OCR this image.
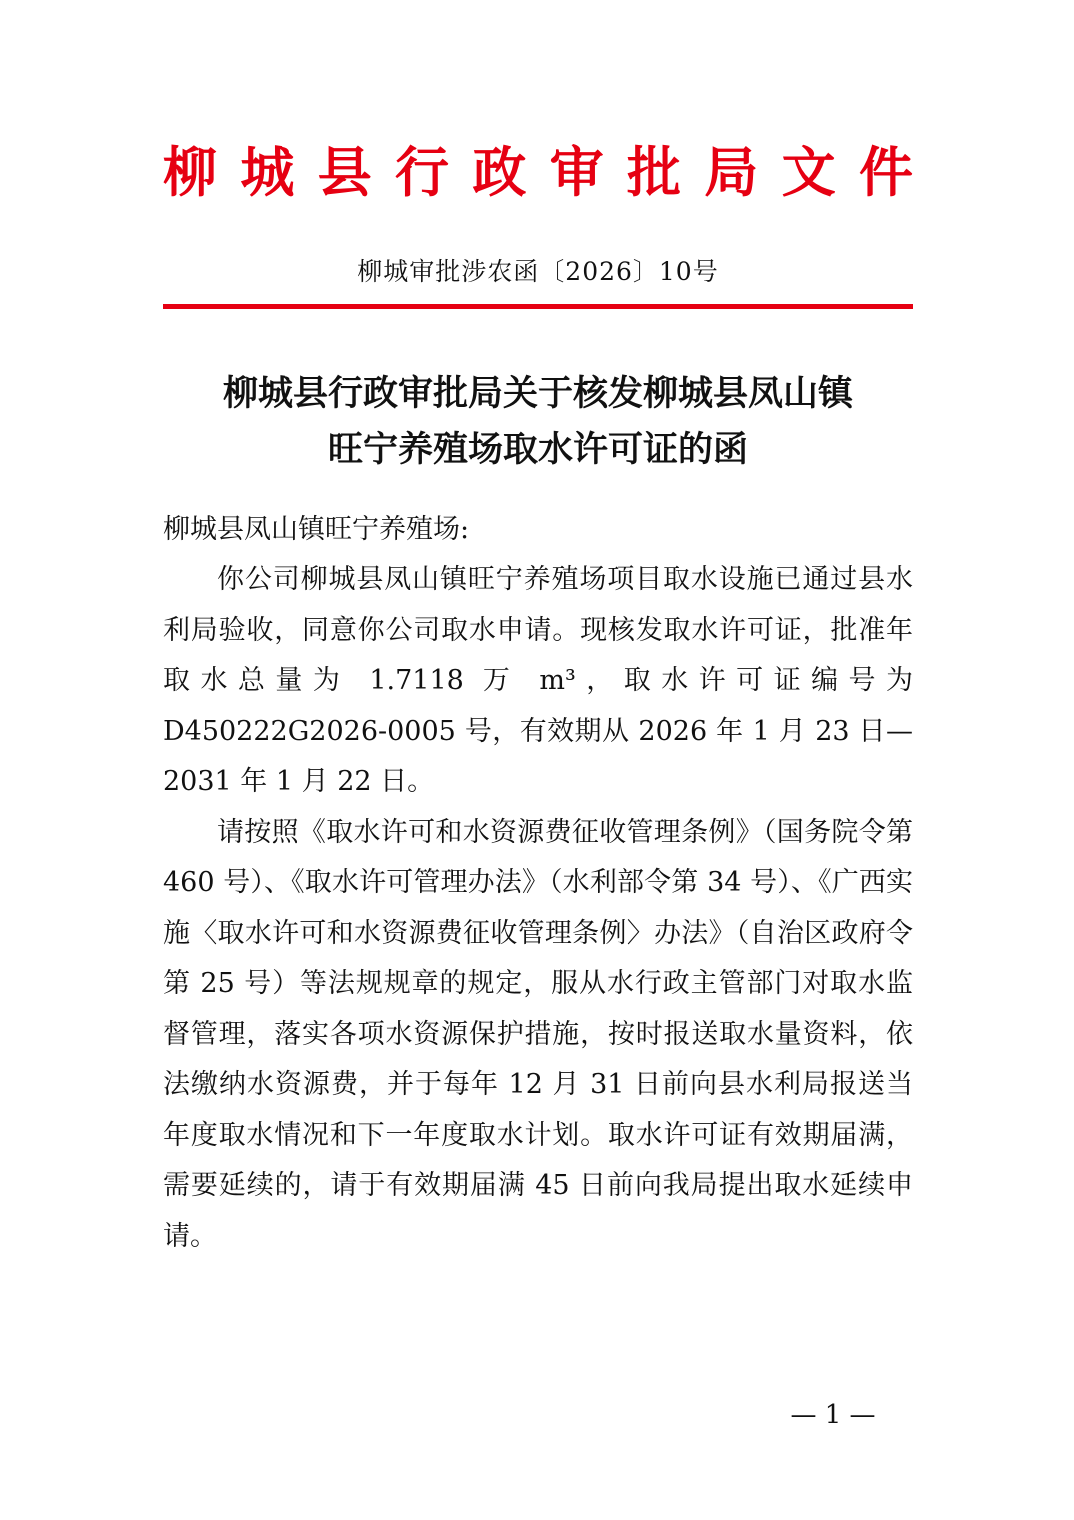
柳 城 县 行 政 审 批 局 文 件
柳城审批涉农函〔2026〕10号
柳城县行政审批局关于核发柳城县凤山镇
旺宁养殖场取水许可证的函
柳城县凤山镇旺宁养殖场:

你公司柳城县凤山镇旺宁养殖场项目取水设施已通过县水利局验收，同意你公司取水申请。现核发取水许可证，批准年取水总量为 1.7118 万 m³，取水许可证编号为D450222G2026-0005 号，有效期从 2026 年 1 月 23 日—2031 年 1 月 22 日。

请按照《取水许可和水资源费征收管理条例》（国务院令第 460 号）、《取水许可管理办法》（水利部令第 34 号）、《广西实施〈取水许可和水资源费征收管理条例〉办法》（自治区政府令第 25 号）等法规规章的规定，服从水行政主管部门对取水监督管理，落实各项水资源保护措施，按时报送取水量资料，依法缴纳水资源费，并于每年 12 月 31 日前向县水利局报送当年度取水情况和下一年度取水计划。取水许可证有效期届满，需要延续的，请于有效期届满 45 日前向我局提出取水延续申请。

— 1 —
